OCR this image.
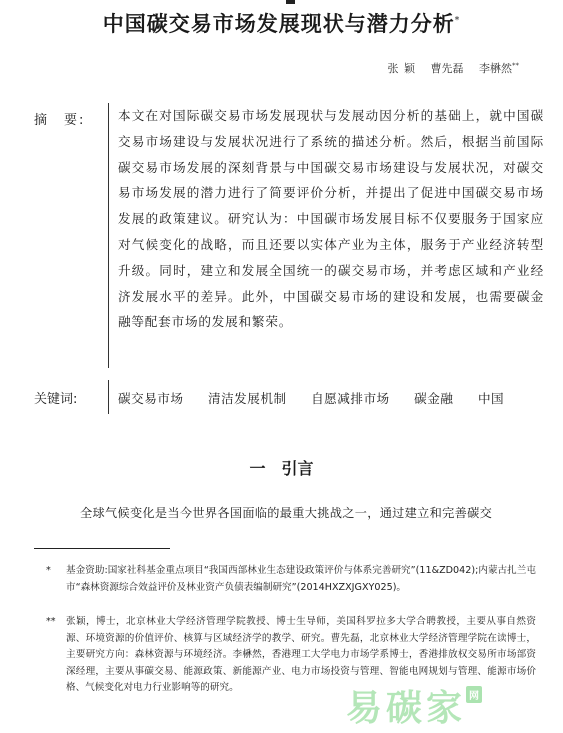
中国碳交易市场发展现状与潜力分析*
张 颖 曹先磊 李楙然**
摘　要:	本文在对国际碳交易市场发展现状与发展动因分析的基础上，就中国碳交易市场建设与发展状况进行了系统的描述分析。然后，根据当前国际碳交易市场发展的深刻背景与中国碳交易市场建设与发展状况，对碳交易市场发展的潜力进行了简要评价分析，并提出了促进中国碳交易市场发展的政策建议。研究认为：中国碳市场发展目标不仅要服务于国家应对气候变化的战略，而且还要以实体产业为主体，服务于产业经济转型升级。同时，建立和发展全国统一的碳交易市场，并考虑区域和产业经济发展水平的差异。此外，中国碳交易市场的建设和发展，也需要碳金融等配套市场的发展和繁荣。
关键词:	碳交易市场 清洁发展机制 自愿减排市场 碳金融 中国
一 引言
全球气候变化是当今世界各国面临的最重大挑战之一，通过建立和完善碳交
* 基金资助:国家社科基金重点项目“我国西部林业生态建设政策评价与体系完善研究”(11&ZD042);内蒙古扎兰屯市“森林资源综合效益评价及林业资产负债表编制研究”(2014HXZXJGXY025)。
** 张颖，博士，北京林业大学经济管理学院教授、博士生导师，美国科罗拉多大学合聘教授，主要从事自然资源、环境资源的价值评价、核算与区域经济学的教学、研究。曹先磊，北京林业大学经济管理学院在读博士，主要研究方向：森林资源与环境经济。李楙然，香港理工大学电力市场学系博士，香港排放权交易所市场部资深经理，主要从事碳交易、能源政策、新能源产业、电力市场投资与管理、智能电网规划与管理、能源市场价格、气候变化对电力行业影响等的研究。
易碳家 网
